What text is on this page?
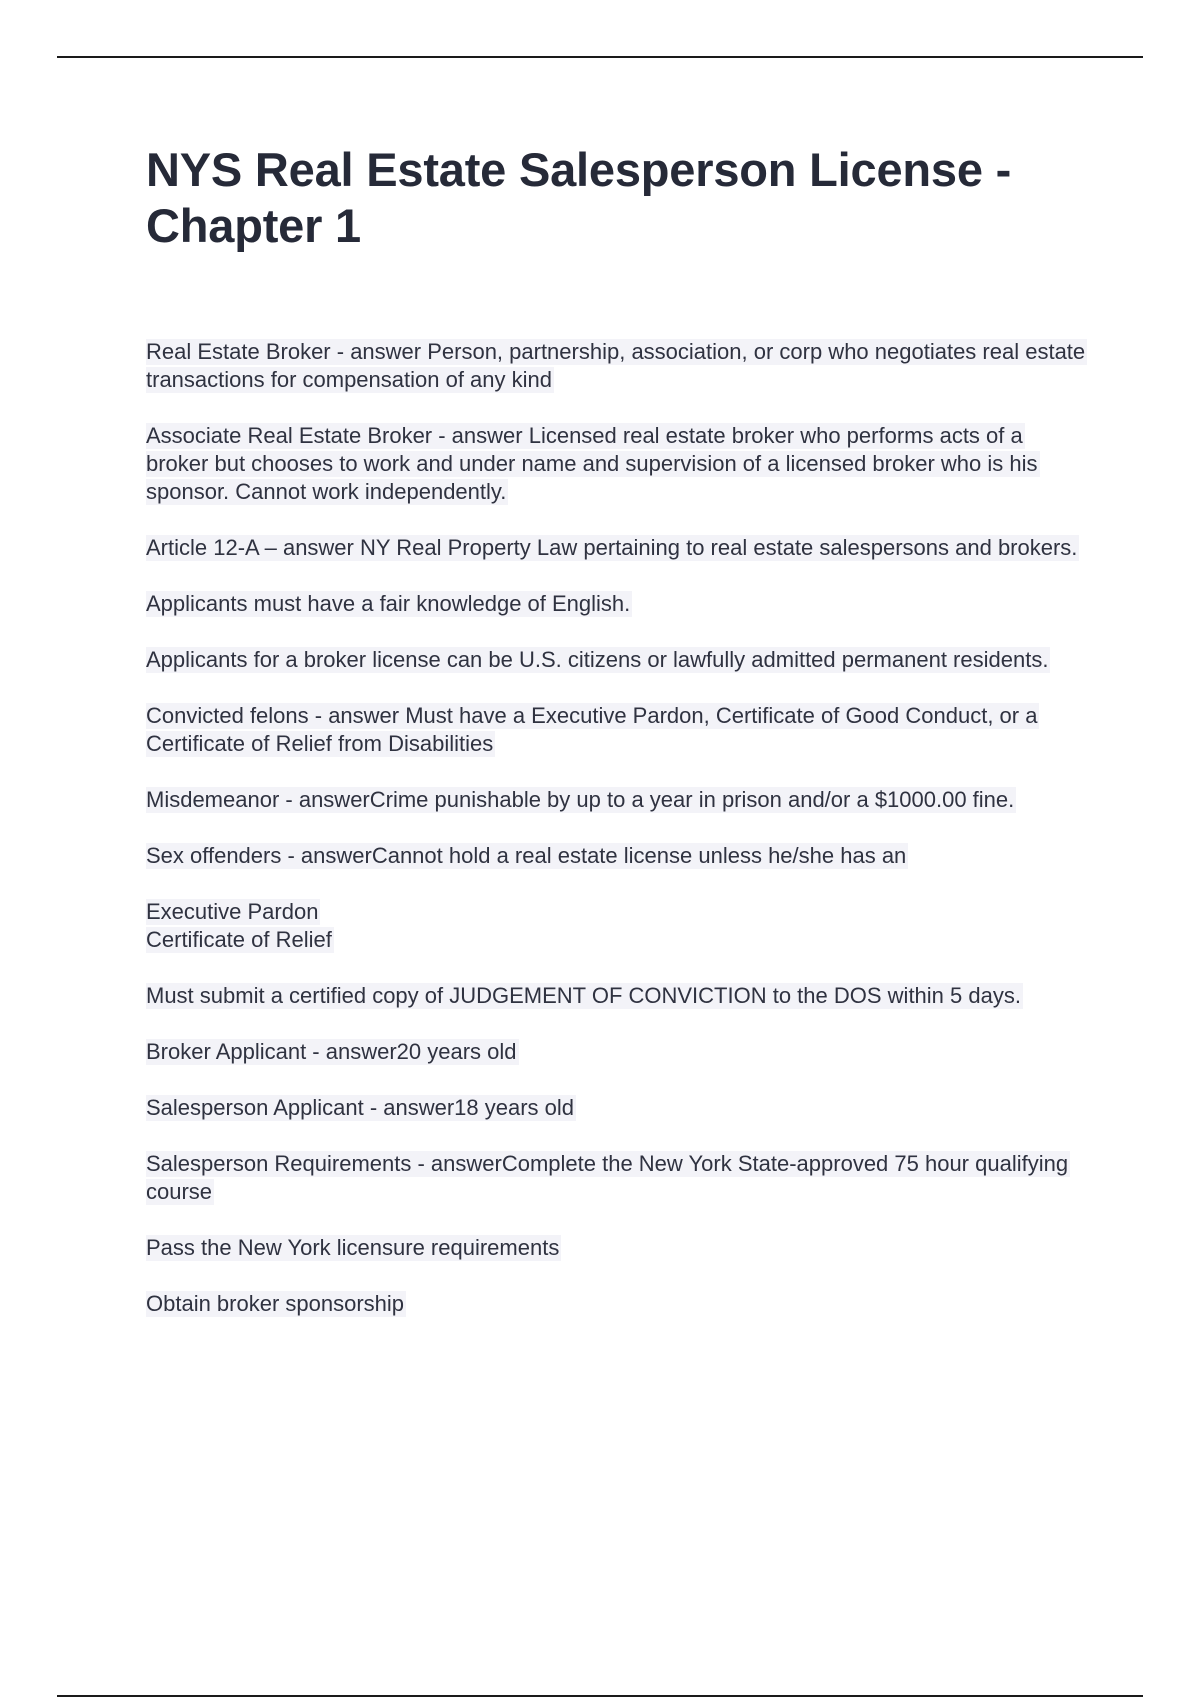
NYS Real Estate Salesperson License - Chapter 1

Real Estate Broker - answer Person, partnership, association, or corp who negotiates real estate transactions for compensation of any kind

Associate Real Estate Broker - answer Licensed real estate broker who performs acts of a broker but chooses to work and under name and supervision of a licensed broker who is his sponsor. Cannot work independently.

Article 12-A – answer NY Real Property Law pertaining to real estate salespersons and brokers.

Applicants must have a fair knowledge of English.

Applicants for a broker license can be U.S. citizens or lawfully admitted permanent residents.

Convicted felons - answer Must have a Executive Pardon, Certificate of Good Conduct, or a Certificate of Relief from Disabilities

Misdemeanor - answerCrime punishable by up to a year in prison and/or a $1000.00 fine.

Sex offenders - answerCannot hold a real estate license unless he/she has an

Executive Pardon
Certificate of Relief

Must submit a certified copy of JUDGEMENT OF CONVICTION to the DOS within 5 days.

Broker Applicant - answer20 years old

Salesperson Applicant - answer18 years old

Salesperson Requirements - answerComplete the New York State-approved 75 hour qualifying course

Pass the New York licensure requirements

Obtain broker sponsorship
